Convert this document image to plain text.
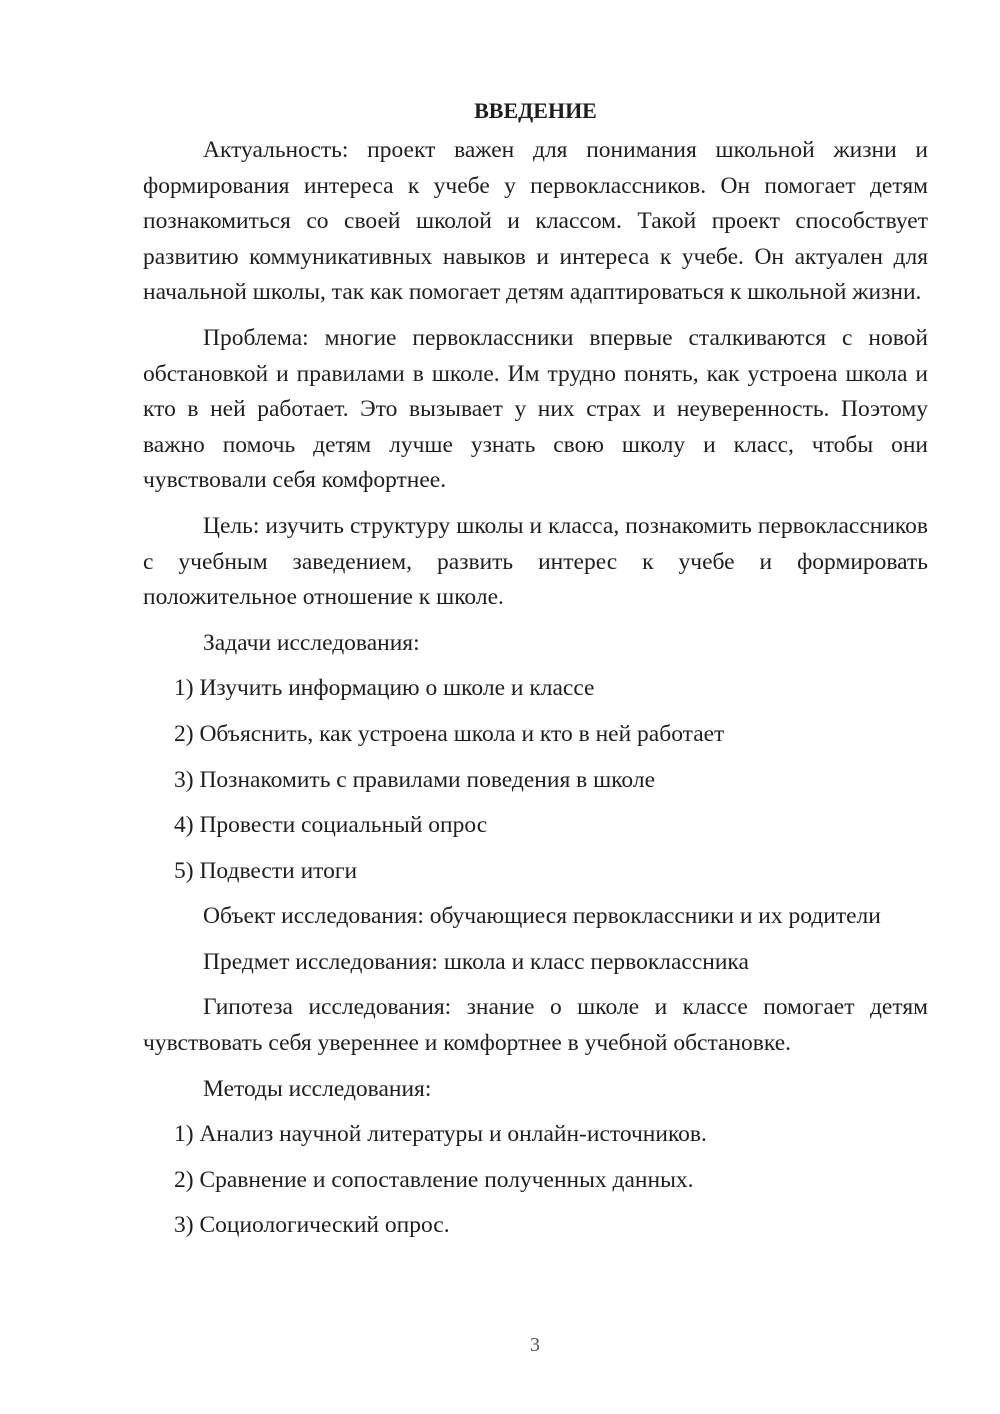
ВВЕДЕНИЕ

Актуальность: проект важен для понимания школьной жизни и формирования интереса к учебе у первоклассников. Он помогает детям познакомиться со своей школой и классом. Такой проект способствует развитию коммуникативных навыков и интереса к учебе. Он актуален для начальной школы, так как помогает детям адаптироваться к школьной жизни.

Проблема: многие первоклассники впервые сталкиваются с новой обстановкой и правилами в школе. Им трудно понять, как устроена школа и кто в ней работает. Это вызывает у них страх и неуверенность. Поэтому важно помочь детям лучше узнать свою школу и класс, чтобы они чувствовали себя комфортнее.

Цель: изучить структуру школы и класса, познакомить первоклассников с учебным заведением, развить интерес к учебе и формировать положительное отношение к школе.

Задачи исследования:
1) Изучить информацию о школе и классе
2) Объяснить, как устроена школа и кто в ней работает
3) Познакомить с правилами поведения в школе
4) Провести социальный опрос
5) Подвести итоги
Объект исследования: обучающиеся первоклассники и их родители
Предмет исследования: школа и класс первоклассника

Гипотеза исследования: знание о школе и классе помогает детям чувствовать себя увереннее и комфортнее в учебной обстановке.

Методы исследования:
1) Анализ научной литературы и онлайн-источников.
2) Сравнение и сопоставление полученных данных.
3) Социологический опрос.
3
